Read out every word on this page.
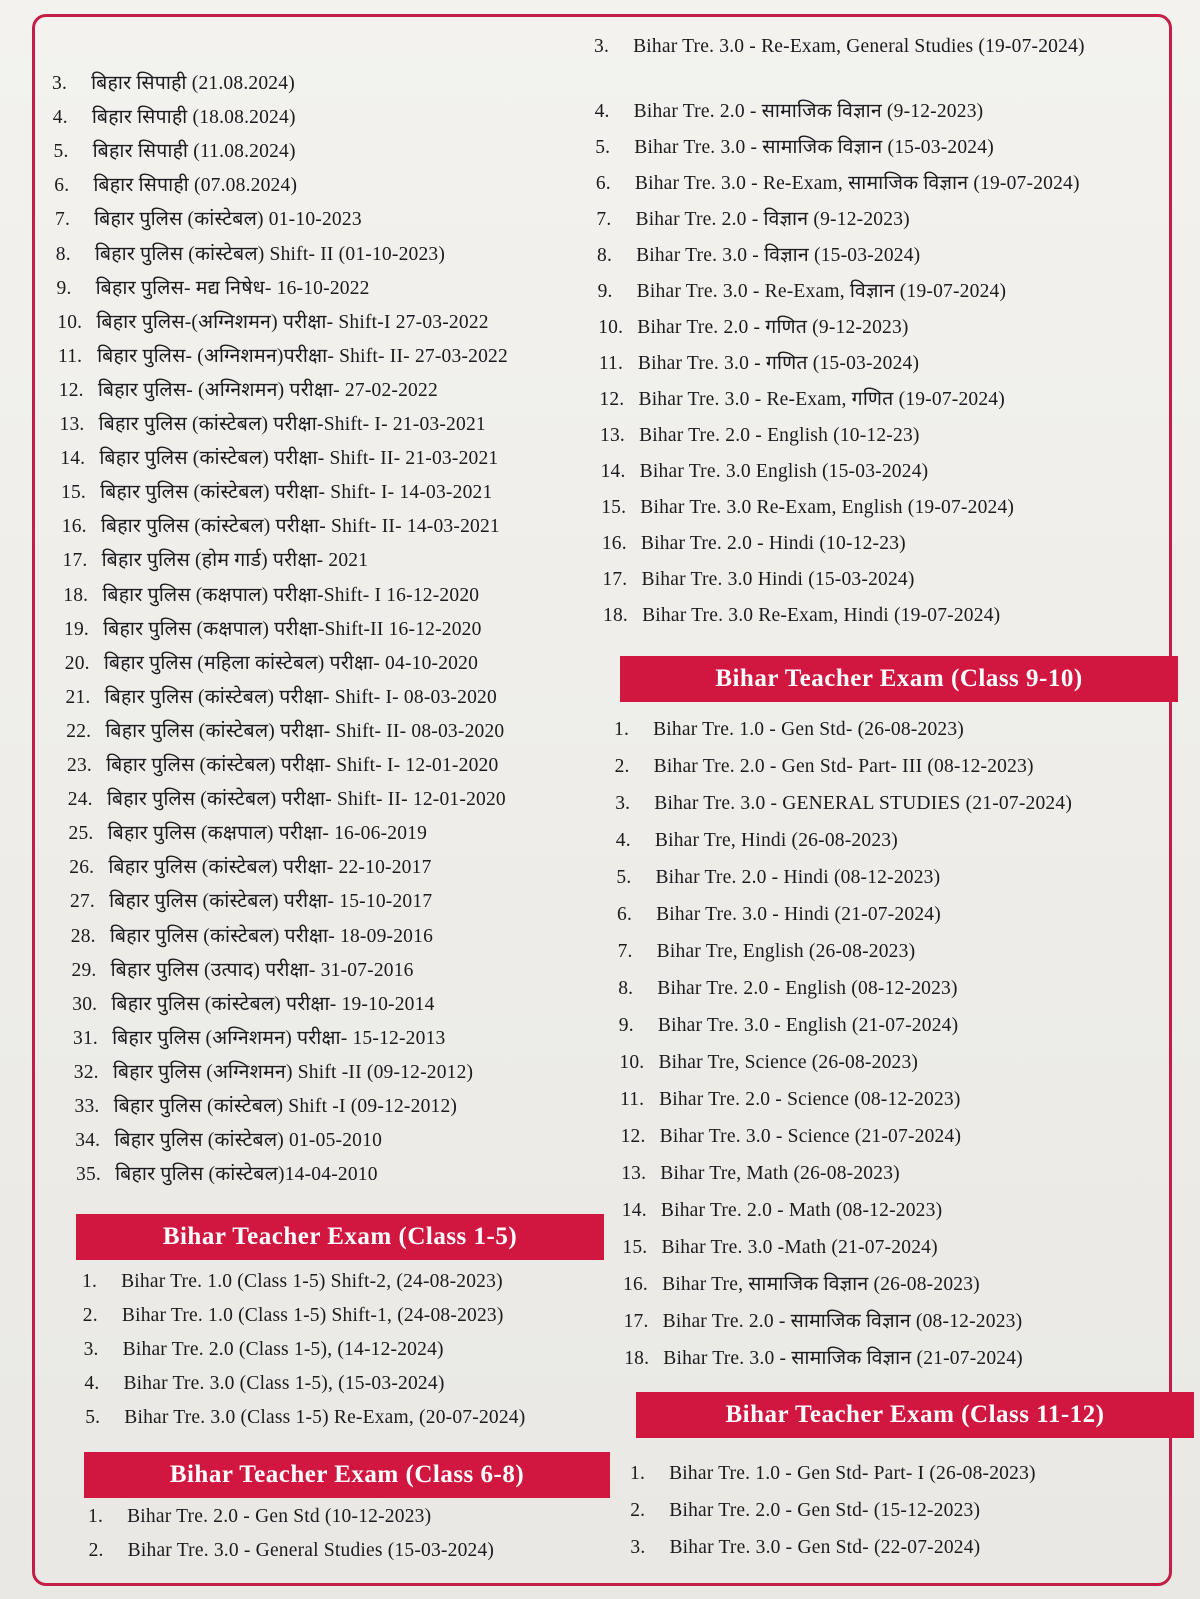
3. बिहार सिपाही (21.08.2024)
4. बिहार सिपाही (18.08.2024)
5. बिहार सिपाही (11.08.2024)
6. बिहार सिपाही (07.08.2024)
7. बिहार पुलिस (कांस्टेबल) 01-10-2023
8. बिहार पुलिस (कांस्टेबल) Shift- II (01-10-2023)
9. बिहार पुलिस- मद्य निषेध- 16-10-2022
10. बिहार पुलिस-(अग्निशमन) परीक्षा- Shift-I 27-03-2022
11. बिहार पुलिस- (अग्निशमन)परीक्षा- Shift- II- 27-03-2022
12. बिहार पुलिस- (अग्निशमन) परीक्षा- 27-02-2022
13. बिहार पुलिस (कांस्टेबल) परीक्षा-Shift- I- 21-03-2021
14. बिहार पुलिस (कांस्टेबल) परीक्षा- Shift- II- 21-03-2021
15. बिहार पुलिस (कांस्टेबल) परीक्षा- Shift- I- 14-03-2021
16. बिहार पुलिस (कांस्टेबल) परीक्षा- Shift- II- 14-03-2021
17. बिहार पुलिस (होम गार्ड) परीक्षा- 2021
18. बिहार पुलिस (कक्षपाल) परीक्षा-Shift- I 16-12-2020
19. बिहार पुलिस (कक्षपाल) परीक्षा-Shift-II 16-12-2020
20. बिहार पुलिस (महिला कांस्टेबल) परीक्षा- 04-10-2020
21. बिहार पुलिस (कांस्टेबल) परीक्षा- Shift- I- 08-03-2020
22. बिहार पुलिस (कांस्टेबल) परीक्षा- Shift- II- 08-03-2020
23. बिहार पुलिस (कांस्टेबल) परीक्षा- Shift- I- 12-01-2020
24. बिहार पुलिस (कांस्टेबल) परीक्षा- Shift- II- 12-01-2020
25. बिहार पुलिस (कक्षपाल) परीक्षा- 16-06-2019
26. बिहार पुलिस (कांस्टेबल) परीक्षा- 22-10-2017
27. बिहार पुलिस (कांस्टेबल) परीक्षा- 15-10-2017
28. बिहार पुलिस (कांस्टेबल) परीक्षा- 18-09-2016
29. बिहार पुलिस (उत्पाद) परीक्षा- 31-07-2016
30. बिहार पुलिस (कांस्टेबल) परीक्षा- 19-10-2014
31. बिहार पुलिस (अग्निशमन) परीक्षा- 15-12-2013
32. बिहार पुलिस (अग्निशमन) Shift -II (09-12-2012)
33. बिहार पुलिस (कांस्टेबल) Shift -I (09-12-2012)
34. बिहार पुलिस (कांस्टेबल) 01-05-2010
35. बिहार पुलिस (कांस्टेबल)14-04-2010
Bihar Teacher Exam (Class 1-5)
1. Bihar Tre. 1.0 (Class 1-5) Shift-2, (24-08-2023)
2. Bihar Tre. 1.0 (Class 1-5) Shift-1, (24-08-2023)
3. Bihar Tre. 2.0 (Class 1-5), (14-12-2024)
4. Bihar Tre. 3.0 (Class 1-5), (15-03-2024)
5. Bihar Tre. 3.0 (Class 1-5) Re-Exam, (20-07-2024)
Bihar Teacher Exam (Class 6-8)
1. Bihar Tre. 2.0 - Gen Std (10-12-2023)
2. Bihar Tre. 3.0 - General Studies (15-03-2024)
3. Bihar Tre. 3.0 - Re-Exam, General Studies (19-07-2024)
4. Bihar Tre. 2.0 - सामाजिक विज्ञान (9-12-2023)
5. Bihar Tre. 3.0 - सामाजिक विज्ञान (15-03-2024)
6. Bihar Tre. 3.0 - Re-Exam, सामाजिक विज्ञान (19-07-2024)
7. Bihar Tre. 2.0 - विज्ञान (9-12-2023)
8. Bihar Tre. 3.0 - विज्ञान (15-03-2024)
9. Bihar Tre. 3.0 - Re-Exam, विज्ञान (19-07-2024)
10. Bihar Tre. 2.0 - गणित (9-12-2023)
11. Bihar Tre. 3.0 - गणित (15-03-2024)
12. Bihar Tre. 3.0 - Re-Exam, गणित (19-07-2024)
13. Bihar Tre. 2.0 - English (10-12-23)
14. Bihar Tre. 3.0 English (15-03-2024)
15. Bihar Tre. 3.0 Re-Exam, English (19-07-2024)
16. Bihar Tre. 2.0 - Hindi (10-12-23)
17. Bihar Tre. 3.0 Hindi (15-03-2024)
18. Bihar Tre. 3.0 Re-Exam, Hindi (19-07-2024)
Bihar Teacher Exam (Class 9-10)
1. Bihar Tre. 1.0 - Gen Std- (26-08-2023)
2. Bihar Tre. 2.0 - Gen Std- Part- III (08-12-2023)
3. Bihar Tre. 3.0 - GENERAL STUDIES (21-07-2024)
4. Bihar Tre, Hindi (26-08-2023)
5. Bihar Tre. 2.0 - Hindi (08-12-2023)
6. Bihar Tre. 3.0 - Hindi (21-07-2024)
7. Bihar Tre, English (26-08-2023)
8. Bihar Tre. 2.0 - English (08-12-2023)
9. Bihar Tre. 3.0 - English (21-07-2024)
10. Bihar Tre, Science (26-08-2023)
11. Bihar Tre. 2.0 - Science (08-12-2023)
12. Bihar Tre. 3.0 - Science (21-07-2024)
13. Bihar Tre, Math (26-08-2023)
14. Bihar Tre. 2.0 - Math (08-12-2023)
15. Bihar Tre. 3.0 -Math (21-07-2024)
16. Bihar Tre, सामाजिक विज्ञान (26-08-2023)
17. Bihar Tre. 2.0 - सामाजिक विज्ञान (08-12-2023)
18. Bihar Tre. 3.0 - सामाजिक विज्ञान (21-07-2024)
Bihar Teacher Exam (Class 11-12)
1. Bihar Tre. 1.0 - Gen Std- Part- I (26-08-2023)
2. Bihar Tre. 2.0 - Gen Std- (15-12-2023)
3. Bihar Tre. 3.0 - Gen Std- (22-07-2024)
